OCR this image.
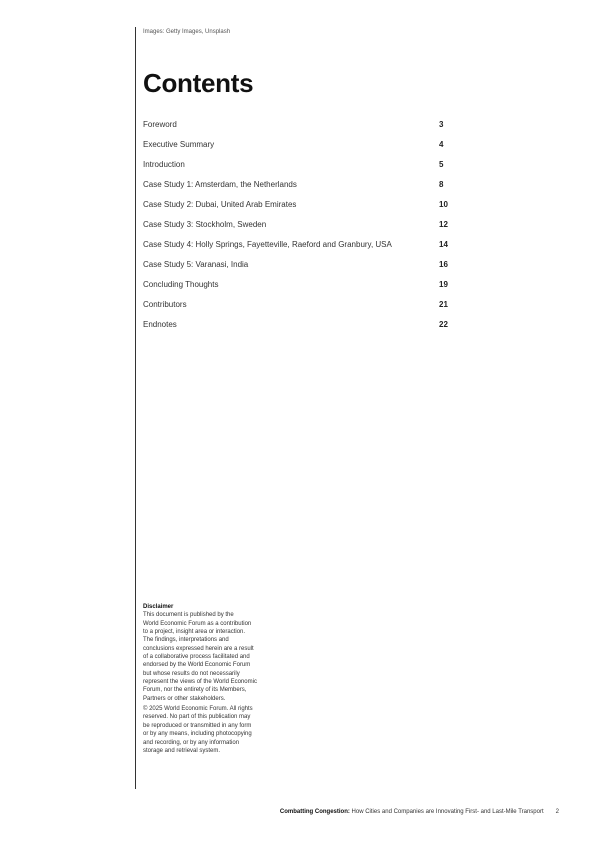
Images: Getty Images, Unsplash
Contents
Foreword	3
Executive Summary	4
Introduction	5
Case Study 1: Amsterdam, the Netherlands	8
Case Study 2: Dubai, United Arab Emirates	10
Case Study 3: Stockholm, Sweden	12
Case Study 4: Holly Springs, Fayetteville, Raeford and Granbury, USA	14
Case Study 5: Varanasi, India	16
Concluding Thoughts	19
Contributors	21
Endnotes	22
Disclaimer

This document is published by the
World Economic Forum as a contribution
to a project, insight area or interaction.
The findings, interpretations and
conclusions expressed herein are a result
of a collaborative process facilitated and
endorsed by the World Economic Forum
but whose results do not necessarily
represent the views of the World Economic
Forum, nor the entirety of its Members,
Partners or other stakeholders.

© 2025 World Economic Forum. All rights
reserved. No part of this publication may
be reproduced or transmitted in any form
or by any means, including photocopying
and recording, or by any information
storage and retrieval system.

Combatting Congestion: How Cities and Companies are Innovating First- and Last-Mile Transport 2
